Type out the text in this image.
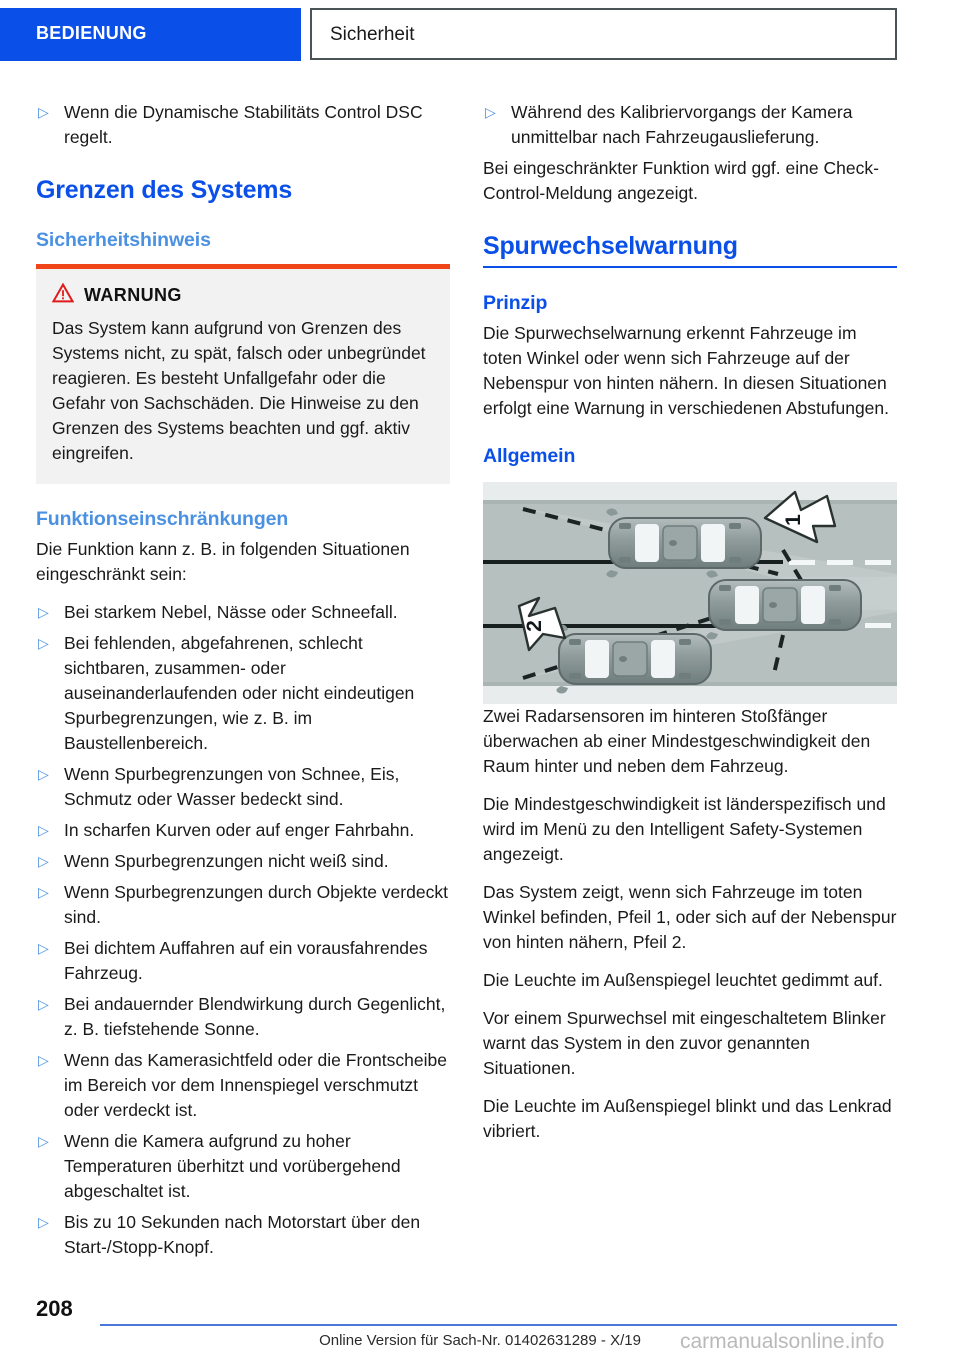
BEDIENUNG	Sicherheit
▷ Wenn die Dynamische Stabilitäts Control DSC regelt.
Grenzen des Systems
Sicherheitshinweis
WARNUNG

Das System kann aufgrund von Grenzen des Systems nicht, zu spät, falsch oder unbegründet reagieren. Es besteht Unfallgefahr oder die Gefahr von Sachschäden. Die Hinweise zu den Grenzen des Systems beachten und ggf. aktiv eingreifen.

Funktionseinschränkungen

Die Funktion kann z. B. in folgenden Situationen eingeschränkt sein:

▷ Bei starkem Nebel, Nässe oder Schneefall.
▷ Bei fehlenden, abgefahrenen, schlecht sichtbaren, zusammen- oder auseinanderlaufenden oder nicht eindeutigen Spurbegrenzungen, wie z. B. im Baustellenbereich.
▷ Wenn Spurbegrenzungen von Schnee, Eis, Schmutz oder Wasser bedeckt sind.
▷ In scharfen Kurven oder auf enger Fahrbahn.
▷ Wenn Spurbegrenzungen nicht weiß sind.
▷ Wenn Spurbegrenzungen durch Objekte verdeckt sind.
▷ Bei dichtem Auffahren auf ein vorausfahrendes Fahrzeug.
▷ Bei andauernder Blendwirkung durch Gegenlicht, z. B. tiefstehende Sonne.
▷ Wenn das Kamerasichtfeld oder die Frontscheibe im Bereich vor dem Innenspiegel verschmutzt oder verdeckt ist.
▷ Wenn die Kamera aufgrund zu hoher Temperaturen überhitzt und vorübergehend abgeschaltet ist.
▷ Bis zu 10 Sekunden nach Motorstart über den Start-/Stopp-Knopf.
▷ Während des Kalibriervorgangs der Kamera unmittelbar nach Fahrzeugauslieferung.

Bei eingeschränkter Funktion wird ggf. eine Check-Control-Meldung angezeigt.

Spurwechselwarnung
Prinzip

Die Spurwechselwarnung erkennt Fahrzeuge im toten Winkel oder wenn sich Fahrzeuge auf der Nebenspur von hinten nähern. In diesen Situationen erfolgt eine Warnung in verschiedenen Abstufungen.

Allgemein
1
2

Zwei Radarsensoren im hinteren Stoßfänger überwachen ab einer Mindestgeschwindigkeit den Raum hinter und neben dem Fahrzeug.

Die Mindestgeschwindigkeit ist länderspezifisch und wird im Menü zu den Intelligent Safety-Systemen angezeigt.

Das System zeigt, wenn sich Fahrzeuge im toten Winkel befinden, Pfeil 1, oder sich auf der Nebenspur von hinten nähern, Pfeil 2.

Die Leuchte im Außenspiegel leuchtet gedimmt auf.

Vor einem Spurwechsel mit eingeschaltetem Blinker warnt das System in den zuvor genannten Situationen.

Die Leuchte im Außenspiegel blinkt und das Lenkrad vibriert.

208
Online Version für Sach-Nr. 01402631289 - X/19	carmanualsonline.info
